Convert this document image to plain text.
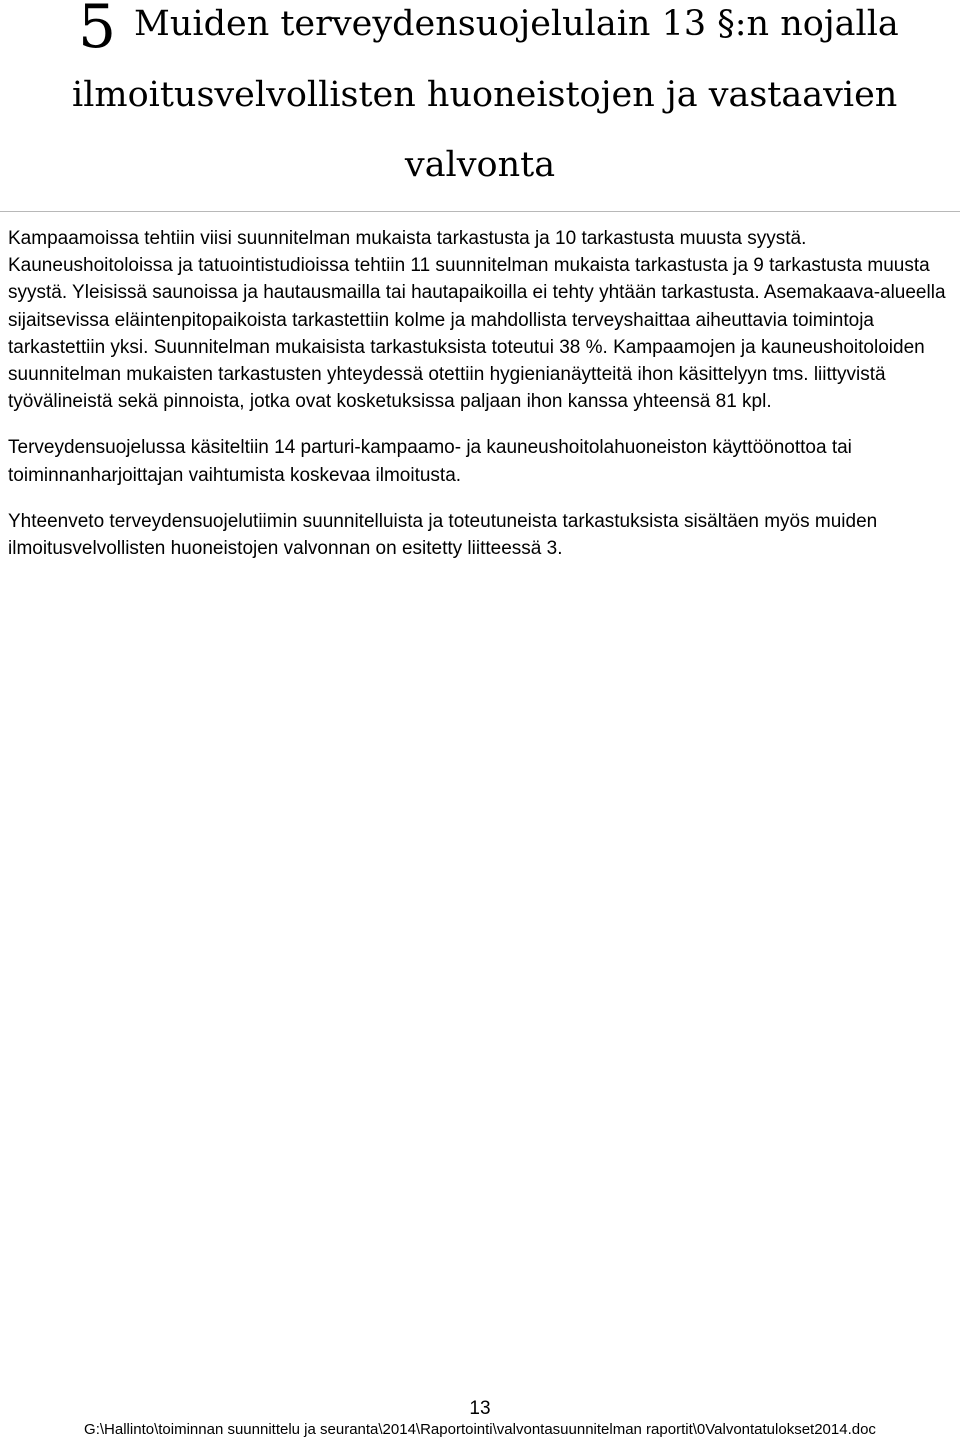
5 Muiden terveydensuojelulain 13 §:n nojalla
ilmoitusvelvollisten huoneistojen ja vastaavien
valvonta

Kampaamoissa tehtiin viisi suunnitelman mukaista tarkastusta ja 10 tarkastusta muusta syystä. Kauneushoitoloissa ja tatuointistudioissa tehtiin 11 suunnitelman mukaista tarkastusta ja 9 tarkastusta muusta syystä. Yleisissä saunoissa ja hautausmailla tai hautapaikoilla ei tehty yhtään tarkastusta. Asemakaava-alueella sijaitsevissa eläintenpitopaikoista tarkastettiin kolme ja mahdollista terveyshaittaa aiheuttavia toimintoja tarkastettiin yksi. Suunnitelman mukaisista tarkastuksista toteutui 38 %. Kampaamojen ja kauneushoitoloiden suunnitelman mukaisten tarkastusten yhteydessä otettiin hygienianäytteitä ihon käsittelyyn tms. liittyvistä työvälineistä sekä pinnoista, jotka ovat kosketuksissa paljaan ihon kanssa yhteensä 81 kpl.

Terveydensuojelussa käsiteltiin 14 parturi-kampaamo- ja kauneushoitolahuoneiston käyttöönottoa tai toiminnanharjoittajan vaihtumista koskevaa ilmoitusta.

Yhteenveto terveydensuojelutiimin suunnitelluista ja toteutuneista tarkastuksista sisältäen myös muiden ilmoitusvelvollisten huoneistojen valvonnan on esitetty liitteessä 3.

13
G:\Hallinto\toiminnan suunnittelu ja seuranta\2014\Raportointi\valvontasuunnitelman raportit\0Valvontatulokset2014.doc
